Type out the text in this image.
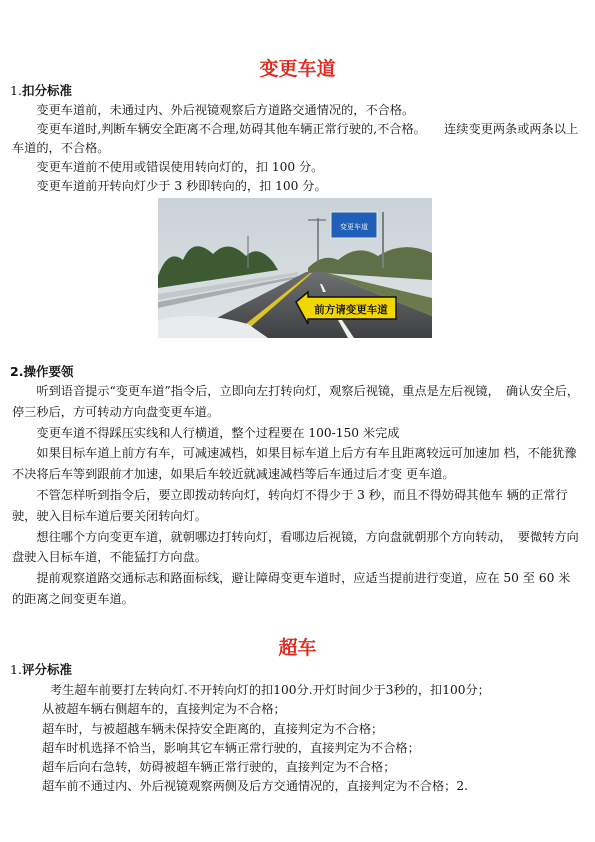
变更车道
1.扣分标准

变更车道前，未通过内、外后视镜观察后方道路交通情况的，不合格。

变更车道时,判断车辆安全距离不合理,妨碍其他车辆正常行驶的,不合格。　　连续变更两条或两条以上车道的，不合格。

变更车道前不使用或错误使用转向灯的，扣 100 分。

变更车道前开转向灯少于 3 秒即转向的，扣 100 分。

变更车道
前方请变更车道
2.操作要领

听到语音提示“变更车道”指令后，立即向左打转向灯，观察后视镜，重点是左后视镜，　确认安全后，停三秒后，方可转动方向盘变更车道。

变更车道不得踩压实线和人行横道，整个过程要在 100-150 米完成

如果目标车道上前方有车，可减速减档，如果目标车道上后方有车且距离较远可加速加 档，不能犹豫不决将后车等到跟前才加速，如果后车较近就减速减档等后车通过后才变 更车道。

不管怎样听到指令后，要立即拨动转向灯，转向灯不得少于 3 秒，而且不得妨碍其他车 辆的正常行驶，驶入目标车道后要关闭转向灯。

想往哪个方向变更车道，就朝哪边打转向灯，看哪边后视镜，方向盘就朝那个方向转动，　要微转方向盘驶入目标车道，不能猛打方向盘。

提前观察道路交通标志和路面标线，避让障碍变更车道时，应适当提前进行变道，应在 50 至 60 米的距离之间变更车道。

超车
1.评分标准

考生超车前要打左转向灯.不开转向灯的扣100分.开灯时间少于3秒的，扣100分；

从被超车辆右侧超车的，直接判定为不合格；

超车时，与被超越车辆未保持安全距离的，直接判定为不合格；

超车时机选择不恰当，影响其它车辆正常行驶的，直接判定为不合格；

超车后向右急转，妨碍被超车辆正常行驶的，直接判定为不合格；

超车前不通过内、外后视镜观察两侧及后方交通情况的，直接判定为不合格；2.
